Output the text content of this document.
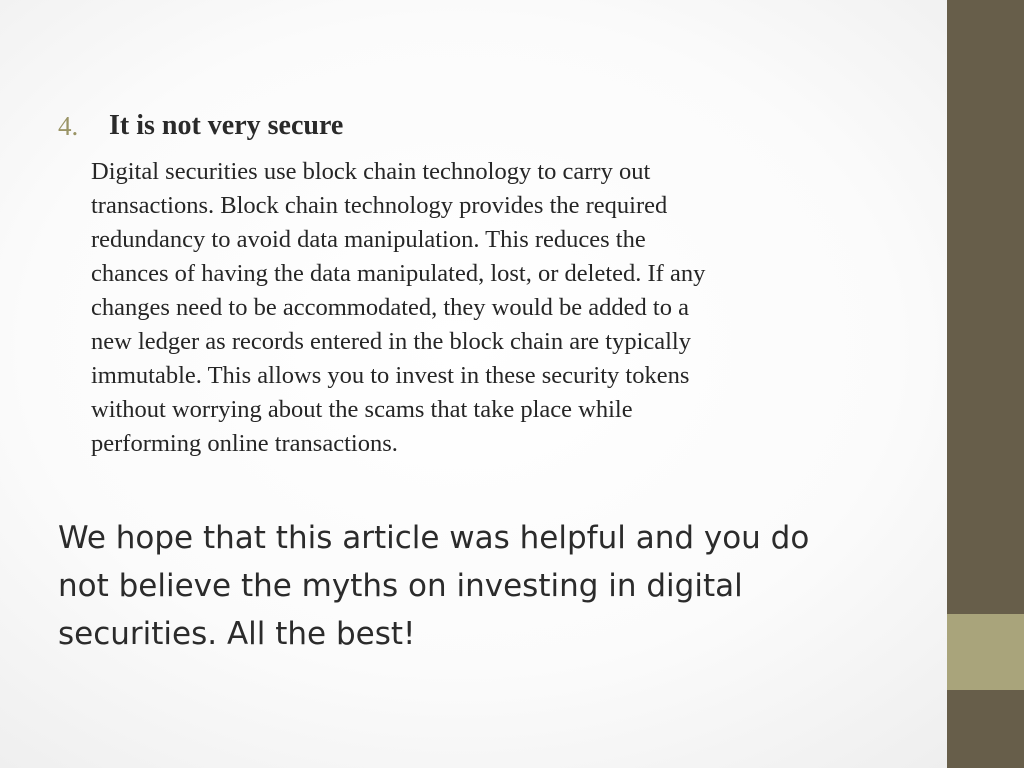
4. It is not very secure

Digital securities use block chain technology to carry out
transactions. Block chain technology provides the required
redundancy to avoid data manipulation. This reduces the
chances of having the data manipulated, lost, or deleted. If any
changes need to be accommodated, they would be added to a
new ledger as records entered in the block chain are typically
immutable. This allows you to invest in these security tokens
without worrying about the scams that take place while
performing online transactions.

We hope that this article was helpful and you do
not believe the myths on investing in digital
securities. All the best!
